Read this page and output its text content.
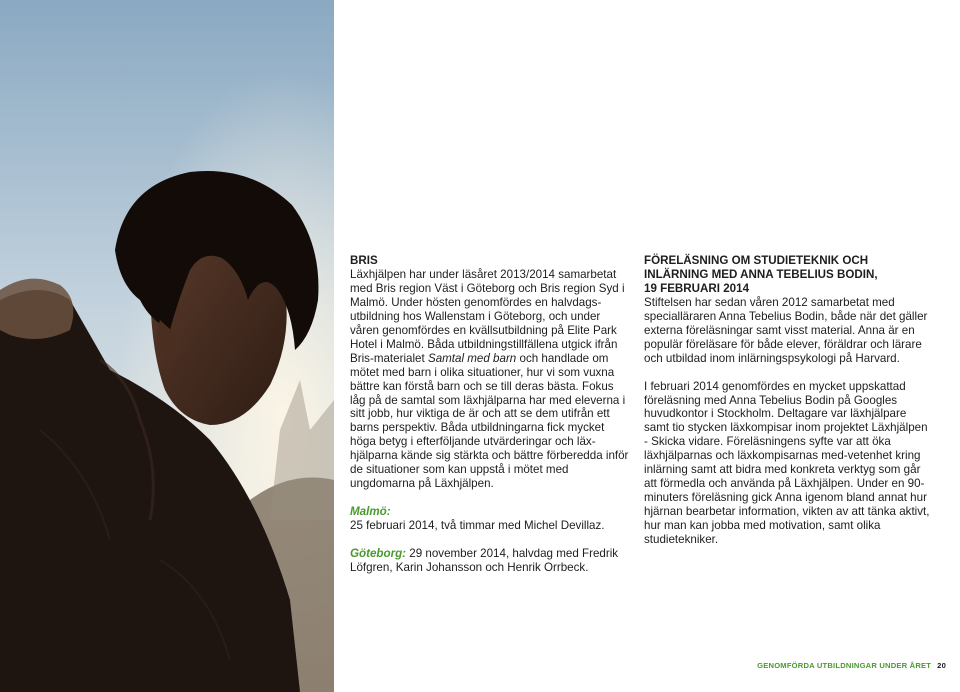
BRIS

Läxhjälpen har under läsåret 2013/2014 samarbetat med Bris region Väst i Göteborg och Bris region Syd i Malmö. Under hösten genomfördes en halvdags-utbildning hos Wallenstam i Göteborg, och under våren genomfördes en kvällsutbildning på Elite Park Hotel i Malmö. Båda utbildningstillfällena utgick ifrån Bris-materialet Samtal med barn och handlade om mötet med barn i olika situationer, hur vi som vuxna bättre kan förstå barn och se till deras bästa. Fokus låg på de samtal som läxhjälparna har med eleverna i sitt jobb, hur viktiga de är och att se dem utifrån ett barns perspektiv. Båda utbildningarna fick mycket höga betyg i efterföljande utvärderingar och läx-hjälparna kände sig stärkta och bättre förberedda inför de situationer som kan uppstå i mötet med ungdomarna på Läxhjälpen.

Malmö:

25 februari 2014, två timmar med Michel Devillaz.

Göteborg: 29 november 2014, halvdag med Fredrik Löfgren, Karin Johansson och Henrik Orrbeck.

FÖRELÄSNING OM STUDIETEKNIK OCH INLÄRNING MED ANNA TEBELIUS BODIN,
19 FEBRUARI 2014

Stiftelsen har sedan våren 2012 samarbetat med specialläraren Anna Tebelius Bodin, både när det gäller externa föreläsningar samt visst material. Anna är en populär föreläsare för både elever, föräldrar och lärare och utbildad inom inlärningspsykologi på Harvard.

I februari 2014 genomfördes en mycket uppskattad föreläsning med Anna Tebelius Bodin på Googles huvudkontor i Stockholm. Deltagare var läxhjälpare samt tio stycken läxkompisar inom projektet Läxhjälpen - Skicka vidare. Föreläsningens syfte var att öka läxhjälparnas och läxkompisarnas med-vetenhet kring inlärning samt att bidra med konkreta verktyg som går att förmedla och använda på Läxhjälpen. Under en 90-minuters föreläsning gick Anna igenom bland annat hur hjärnan bearbetar information, vikten av att tänka aktivt, hur man kan jobba med motivation, samt olika studietekniker.

GENOMFÖRDA UTBILDNINGAR UNDER ÅRET 20
